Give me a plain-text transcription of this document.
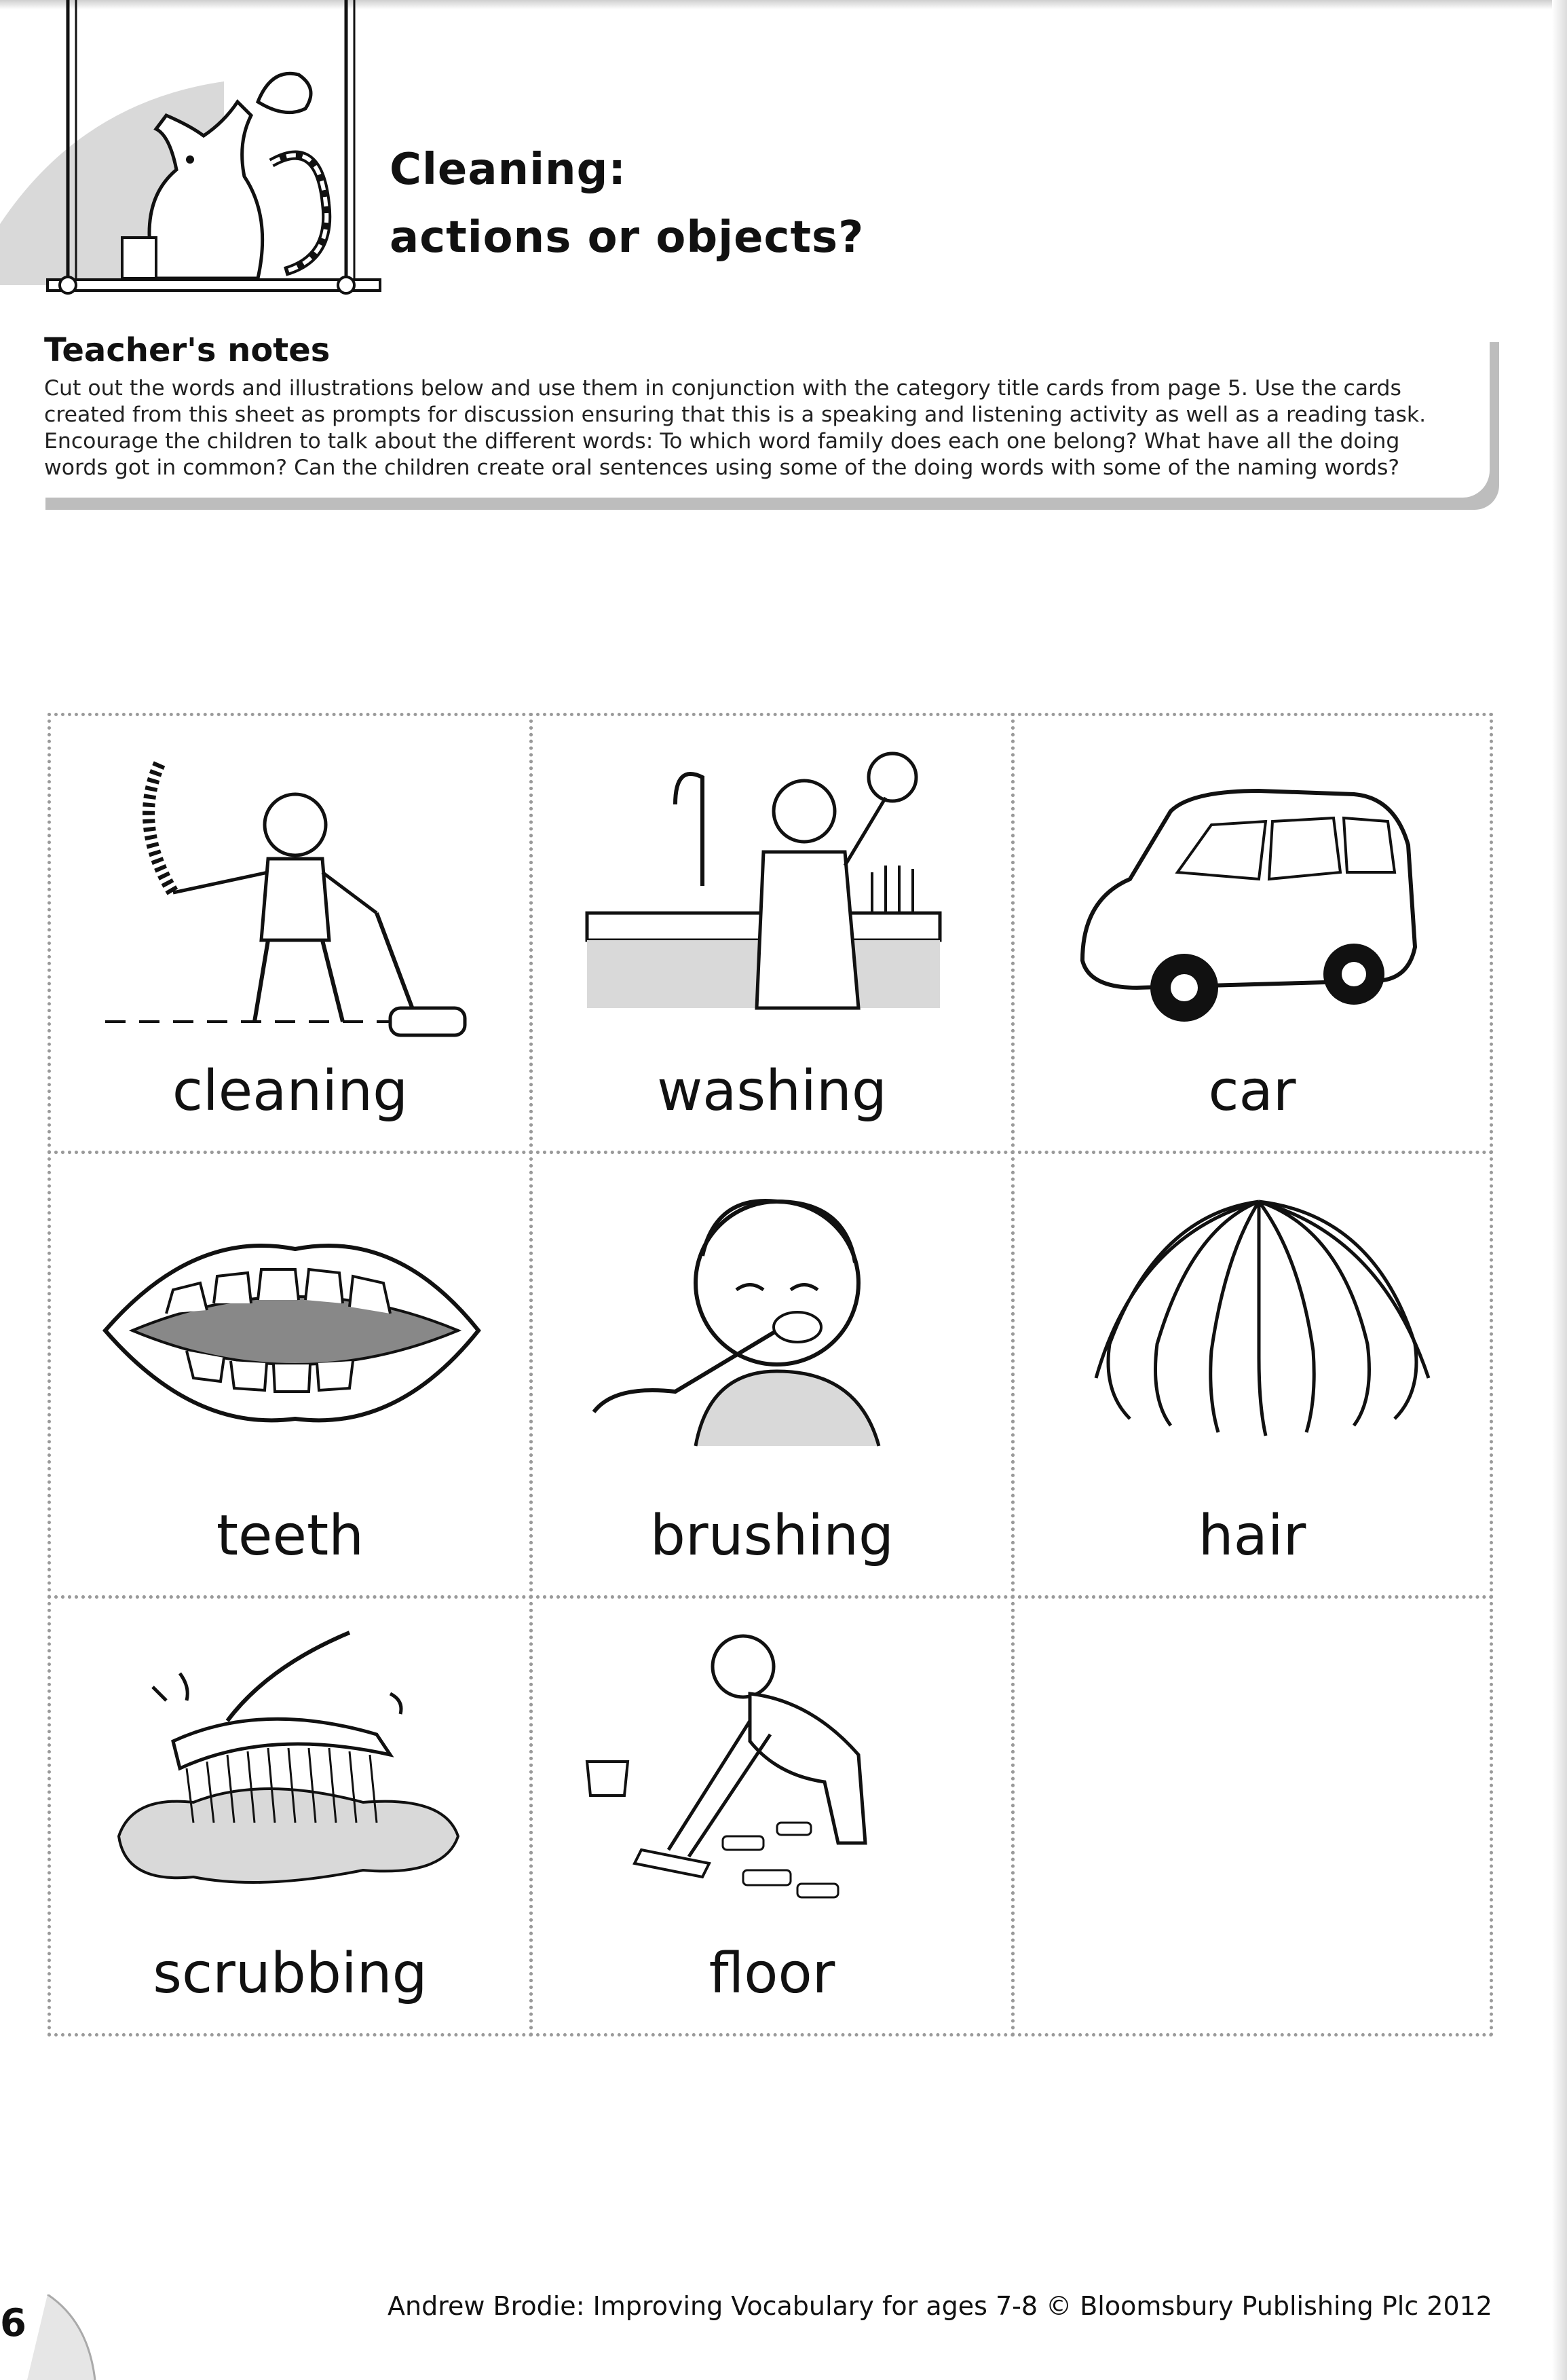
Cleaning:
actions or objects?
Teacher's notes
Cut out the words and illustrations below and use them in conjunction with the category title cards from page 5. Use the cards
created from this sheet as prompts for discussion ensuring that this is a speaking and listening activity as well as a reading task.
Encourage the children to talk about the different words: To which word family does each one belong? What have all the doing
words got in common? Can the children create oral sentences using some of the doing words with some of the naming words?
cleaning	washing	car
teeth	brushing	hair
scrubbing	floor
6	Andrew Brodie: Improving Vocabulary for ages 7-8 © Bloomsbury Publishing Plc 2012
